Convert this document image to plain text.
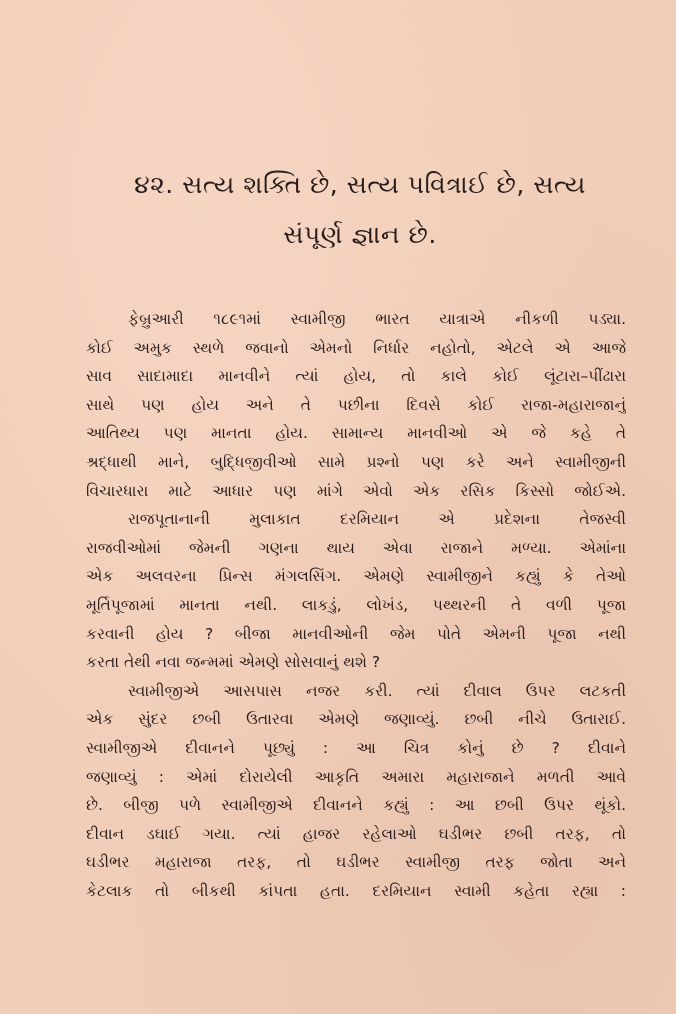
૪૨. સત્ય શક્તિ છે, સત્ય પવિત્રાઈ છે, સત્ય
સંપૂર્ણ જ્ઞાન છે.
ફેબ્રુઆરી ૧૮૯૧માં સ્વામીજી ભારત યાત્રાએ નીકળી પડ્યા.
કોઈ અમુક સ્થળે જવાનો એમનો નિર્ધાર નહોતો, એટલે એ આજે
સાવ સાદામાદા માનવીને ત્યાં હોય, તો કાલે કોઈ લૂંટારા–પીંઢારા
સાથે પણ હોય અને તે પછીના દિવસે કોઈ રાજા-મહારાજાનું
આતિથ્ય પણ માનતા હોય. સામાન્ય માનવીઓ એ જે કહે તે
શ્રદ્ધાથી માને, બુદ્ધિજીવીઓ સામે પ્રશ્નો પણ કરે અને સ્વામીજીની
વિચારધારા માટે આધાર પણ માંગે એવો એક રસિક કિસ્સો જોઈએ.
રાજપૂતાનાની મુલાકાત દરમિયાન એ પ્રદેશના તેજસ્વી
રાજવીઓમાં જેમની ગણના થાય એવા રાજાને મળ્યા. એમાંના
એક અલવરના પ્રિન્સ મંગલસિંગ. એમણે સ્વામીજીને કહ્યું કે તેઓ
મૂર્તિપૂજામાં માનતા નથી. લાકડું, લોખંડ, પથ્થરની તે વળી પૂજા
કરવાની હોય ? બીજા માનવીઓની જેમ પોતે એમની પૂજા નથી
કરતા તેથી નવા જન્મમાં એમણે સોસવાનું થશે ?
સ્વામીજીએ આસપાસ નજર કરી. ત્યાં દીવાલ ઉપર લટકતી
એક સુંદર છબી ઉતારવા એમણે જણાવ્યું. છબી નીચે ઉતારાઈ.
સ્વામીજીએ દીવાનને પૂછ્યું : આ ચિત્ર કોનું છે ? દીવાને
જણાવ્યું : એમાં દોરાયેલી આકૃતિ અમારા મહારાજાને મળતી આવે
છે. બીજી પળે સ્વામીજીએ દીવાનને કહ્યું : આ છબી ઉપર થૂંકો.
દીવાન ડઘાઈ ગયા. ત્યાં હાજર રહેલાઓ ઘડીભર છબી તરફ, તો
ઘડીભર મહારાજા તરફ, તો ઘડીભર સ્વામીજી તરફ જોતા અને
કેટલાક તો બીકથી કાંપતા હતા. દરમિયાન સ્વામી કહેતા રહ્યા :
